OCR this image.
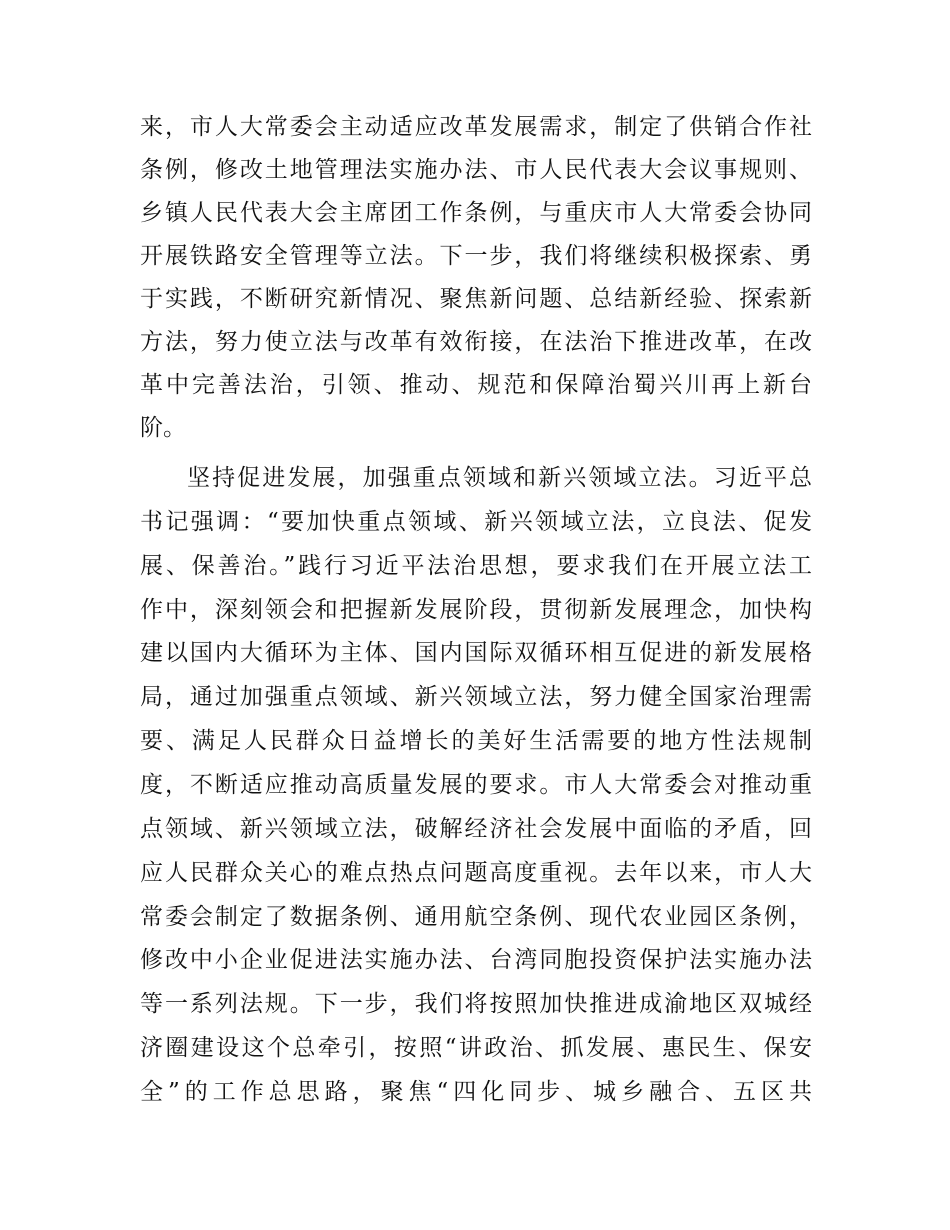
来，市人大常委会主动适应改革发展需求，制定了供销合作社
条例，修改土地管理法实施办法、市人民代表大会议事规则、
乡镇人民代表大会主席团工作条例，与重庆市人大常委会协同
开展铁路安全管理等立法。下一步，我们将继续积极探索、勇
于实践，不断研究新情况、聚焦新问题、总结新经验、探索新
方法，努力使立法与改革有效衔接，在法治下推进改革，在改
革中完善法治，引领、推动、规范和保障治蜀兴川再上新台
阶。
坚持促进发展，加强重点领域和新兴领域立法。习近平总
书记强调：“要加快重点领域、新兴领域立法，立良法、促发
展、保善治。”践行习近平法治思想，要求我们在开展立法工
作中，深刻领会和把握新发展阶段，贯彻新发展理念，加快构
建以国内大循环为主体、国内国际双循环相互促进的新发展格
局，通过加强重点领域、新兴领域立法，努力健全国家治理需
要、满足人民群众日益增长的美好生活需要的地方性法规制
度，不断适应推动高质量发展的要求。市人大常委会对推动重
点领域、新兴领域立法，破解经济社会发展中面临的矛盾，回
应人民群众关心的难点热点问题高度重视。去年以来，市人大
常委会制定了数据条例、通用航空条例、现代农业园区条例，
修改中小企业促进法实施办法、台湾同胞投资保护法实施办法
等一系列法规。下一步，我们将按照加快推进成渝地区双城经
济圈建设这个总牵引，按照“讲政治、抓发展、惠民生、保安
全”的工作总思路，聚焦“四化同步、城乡融合、五区共
